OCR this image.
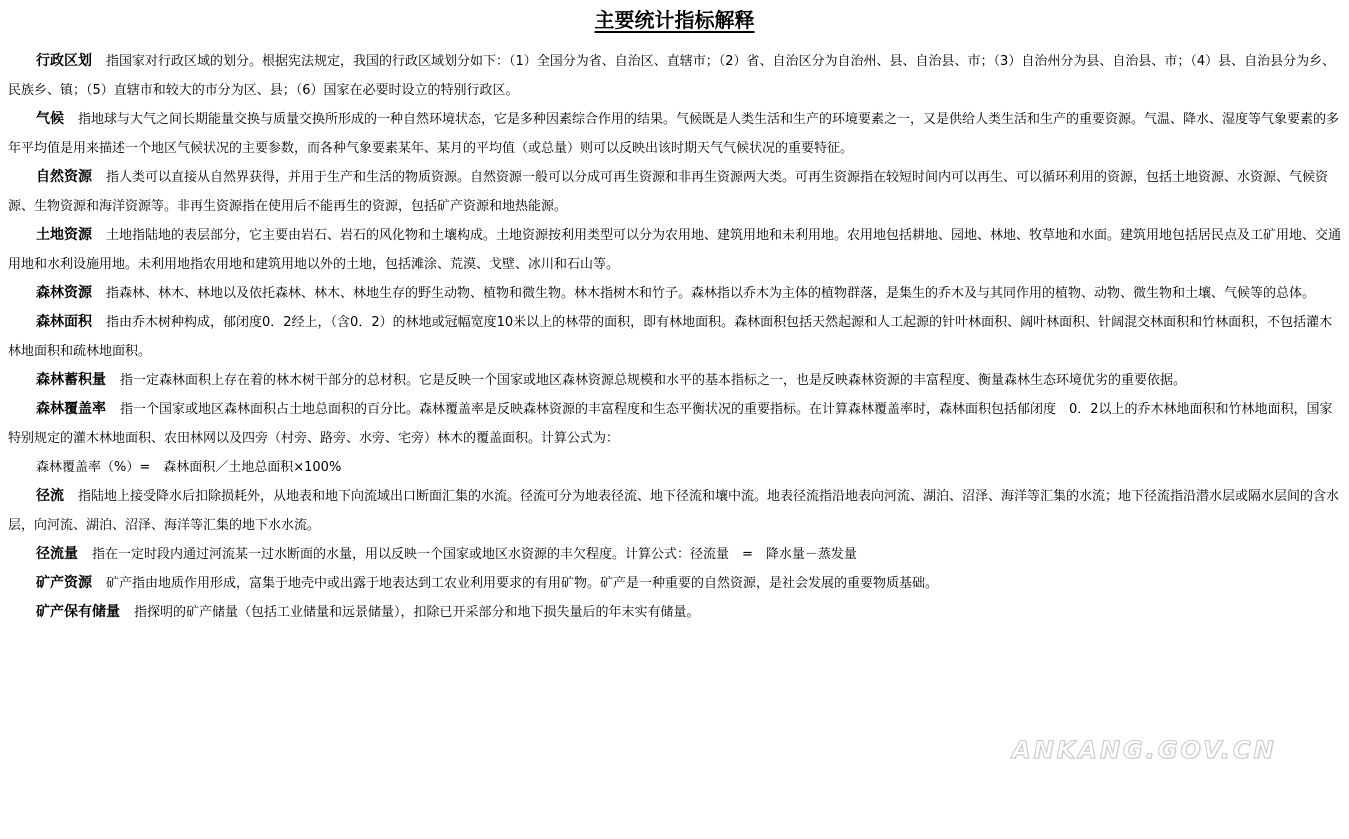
主要统计指标解释

行政区划 指国家对行政区域的划分。根据宪法规定，我国的行政区域划分如下：（1）全国分为省、自治区、直辖市；（2）省、自治区分为自治州、县、自治县、市；（3）自治州分为县、自治县、市；（4）县、自治县分为乡、民族乡、镇；（5）直辖市和较大的市分为区、县；（6）国家在必要时设立的特别行政区。

气候 指地球与大气之间长期能量交换与质量交换所形成的一种自然环境状态，它是多种因素综合作用的结果。气候既是人类生活和生产的环境要素之一，又是供给人类生活和生产的重要资源。气温、降水、湿度等气象要素的多年平均值是用来描述一个地区气候状况的主要参数，而各种气象要素某年、某月的平均值（或总量）则可以反映出该时期天气气候状况的重要特征。

自然资源 指人类可以直接从自然界获得，并用于生产和生活的物质资源。自然资源一般可以分成可再生资源和非再生资源两大类。可再生资源指在较短时间内可以再生、可以循环利用的资源，包括土地资源、水资源、气候资源、生物资源和海洋资源等。非再生资源指在使用后不能再生的资源，包括矿产资源和地热能源。

土地资源 土地指陆地的表层部分，它主要由岩石、岩石的风化物和土壤构成。土地资源按利用类型可以分为农用地、建筑用地和未利用地。农用地包括耕地、园地、林地、牧草地和水面。建筑用地包括居民点及工矿用地、交通用地和水利设施用地。未利用地指农用地和建筑用地以外的土地，包括滩涂、荒漠、戈壁、冰川和石山等。

森林资源 指森林、林木、林地以及依托森林、林木、林地生存的野生动物、植物和微生物。林木指树木和竹子。森林指以乔木为主体的植物群落，是集生的乔木及与其同作用的植物、动物、微生物和土壤、气候等的总体。

森林面积 指由乔木树种构成，郁闭度0．2经上，（含0．2）的林地或冠幅宽度10米以上的林带的面积，即有林地面积。森林面积包括天然起源和人工起源的针叶林面积、阔叶林面积、针阔混交林面积和竹林面积，不包括灌木林地面积和疏林地面积。

森林蓄积量 指一定森林面积上存在着的林木树干部分的总材积。它是反映一个国家或地区森林资源总规模和水平的基本指标之一，也是反映森林资源的丰富程度、衡量森林生态环境优劣的重要依据。

森林覆盖率 指一个国家或地区森林面积占土地总面积的百分比。森林覆盖率是反映森林资源的丰富程度和生态平衡状况的重要指标。在计算森林覆盖率时，森林面积包括郁闭度　0．2以上的乔木林地面积和竹林地面积，国家特别规定的灌木林地面积、农田林网以及四旁（村旁、路旁、水旁、宅旁）林木的覆盖面积。计算公式为：

森林覆盖率（%）=　森林面积／土地总面积×100%

径流 指陆地上接受降水后扣除损耗外，从地表和地下向流域出口断面汇集的水流。径流可分为地表径流、地下径流和壤中流。地表径流指沿地表向河流、湖泊、沼泽、海洋等汇集的水流；地下径流指沿潜水层或隔水层间的含水层，向河流、湖泊、沼泽、海洋等汇集的地下水水流。

径流量 指在一定时段内通过河流某一过水断面的水量，用以反映一个国家或地区水资源的丰欠程度。计算公式：径流量　=　降水量－蒸发量

矿产资源 矿产指由地质作用形成，富集于地壳中或出露于地表达到工农业利用要求的有用矿物。矿产是一种重要的自然资源，是社会发展的重要物质基础。

矿产保有储量 指探明的矿产储量（包括工业储量和远景储量），扣除已开采部分和地下损失量后的年末实有储量。

ANKANG.GOV.CN
